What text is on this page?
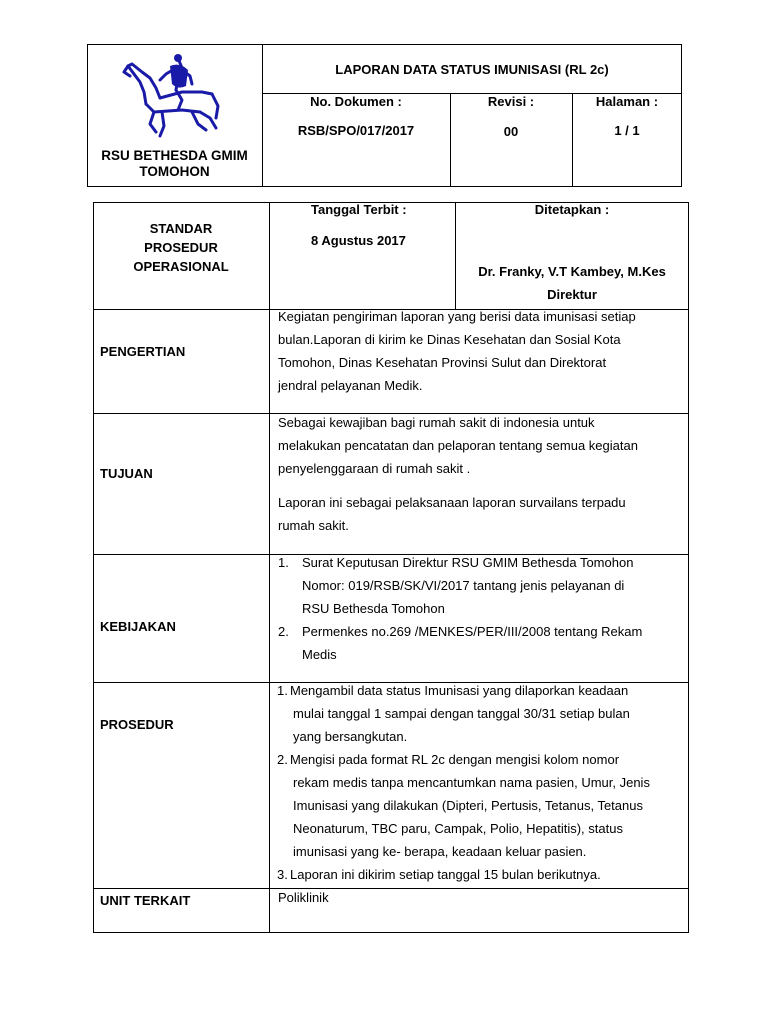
RSU BETHESDA GMIM
TOMOHON
LAPORAN DATA STATUS IMUNISASI (RL 2c)
No. Dokumen :
RSB/SPO/017/2017
Revisi :
00
Halaman :
1 / 1
STANDAR
PROSEDUR
OPERASIONAL
Tanggal Terbit :
8 Agustus 2017
Ditetapkan :
Dr. Franky, V.T Kambey, M.Kes
Direktur
PENGERTIAN
Kegiatan pengiriman laporan yang berisi data imunisasi setiap
bulan.Laporan di kirim ke Dinas Kesehatan dan Sosial Kota
Tomohon, Dinas Kesehatan Provinsi Sulut dan Direktorat
jendral pelayanan Medik.
TUJUAN
Sebagai kewajiban bagi rumah sakit di indonesia untuk
melakukan pencatatan dan pelaporan tentang semua kegiatan
penyelenggaraan di rumah sakit .
Laporan ini sebagai pelaksanaan laporan survailans terpadu
rumah sakit.
KEBIJAKAN
1. Surat Keputusan Direktur RSU GMIM Bethesda Tomohon
Nomor: 019/RSB/SK/VI/2017 tantang jenis pelayanan di
RSU Bethesda Tomohon
2. Permenkes no.269 /MENKES/PER/III/2008 tentang Rekam
Medis
PROSEDUR
1. Mengambil data status Imunisasi yang dilaporkan keadaan
mulai tanggal 1 sampai dengan tanggal 30/31 setiap bulan
yang bersangkutan.
2. Mengisi pada format RL 2c dengan mengisi kolom nomor
rekam medis tanpa mencantumkan nama pasien, Umur, Jenis
Imunisasi yang dilakukan (Dipteri, Pertusis, Tetanus, Tetanus
Neonaturum, TBC paru, Campak, Polio, Hepatitis), status
imunisasi yang ke- berapa, keadaan keluar pasien.
3. Laporan ini dikirim setiap tanggal 15 bulan berikutnya.
UNIT TERKAIT	Poliklinik
